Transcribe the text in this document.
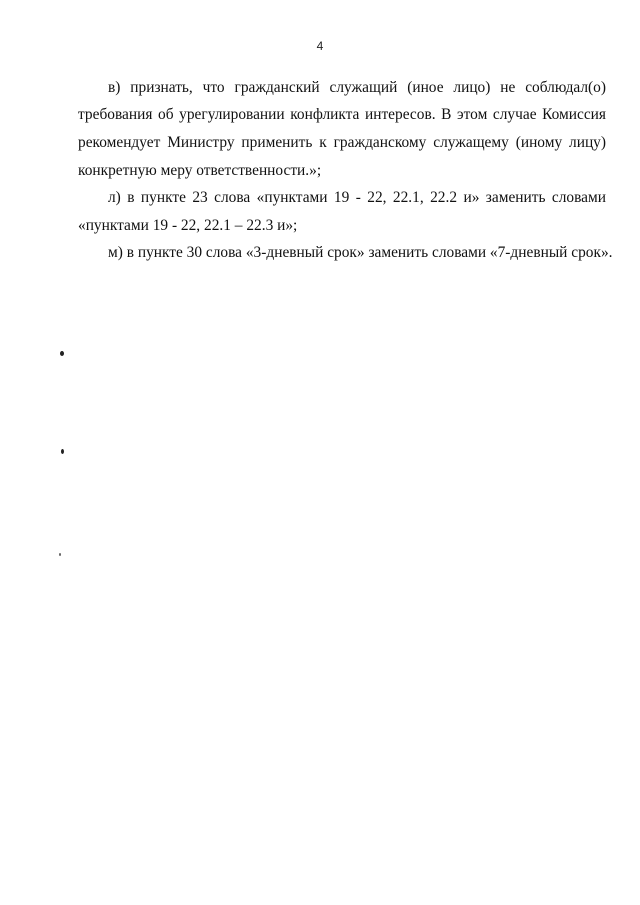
4
в) признать, что гражданский служащий (иное лицо) не соблюдал(о)
требования об урегулировании конфликта интересов. В этом случае Комиссия
рекомендует Министру применить к гражданскому служащему (иному лицу)
конкретную меру ответственности.»;
л) в пункте 23 слова «пунктами 19 - 22, 22.1, 22.2 и» заменить словами
«пунктами 19 - 22, 22.1 – 22.3 и»;
м) в пункте 30 слова «3-дневный срок» заменить словами «7-дневный срок».
